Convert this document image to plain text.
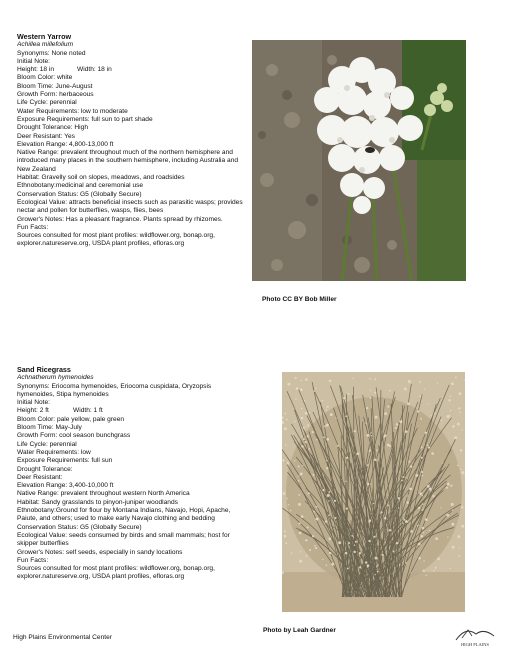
Western Yarrow
Achillea millefolium
Synonyms: None noted
Initial Note:
Height: 18 in	Width: 18 in
Bloom Color: white
Bloom Time: June-August
Growth Form: herbaceous
Life Cycle: perennial
Water Requirements: low to moderate
Exposure Requirements: full sun to part shade
Drought Tolerance: High
Deer Resistant: Yes
Elevation Range: 4,800-13,000 ft
Native Range: prevalent throughout much of the northern hemisphere and introduced many places in the southern hemisphere, including Australia and New Zealand
Habitat: Gravelly soil on slopes, meadows, and roadsides
Ethnobotany:medicinal and ceremonial use
Conservation Status: G5 (Globally Secure)
Ecological Value: attracts beneficial insects such as parasitic wasps; provides nectar and pollen for butterflies, wasps, flies, bees
Grower's Notes: Has a pleasant fragrance. Plants spread by rhizomes.
Fun Facts:
Sources consulted for most plant profiles: wildflower.org, bonap.org, explorer.natureserve.org, USDA plant profiles, efloras.org
Photo CC BY Bob Miller
Sand Ricegrass
Achnatherum hymenoides
Synonyms: Eriocoma hymenoides, Eriocoma cuspidata, Oryzopsis hymenoides, Stipa hymenoides
Initial Note:
Height: 2 ft	Width: 1 ft
Bloom Color: pale yellow, pale green
Bloom Time: May-July
Growth Form: cool season bunchgrass
Life Cycle: perennial
Water Requirements: low
Exposure Requirements: full sun
Drought Tolerance:
Deer Resistant:
Elevation Range: 3,400-10,000 ft
Native Range: prevalent throughout western North America
Habitat: Sandy grasslands to pinyon-juniper woodlands
Ethnobotany:Ground for flour by Montana Indians, Navajo, Hopi, Apache, Paiute, and others; used to make early Navajo clothing and bedding
Conservation Status: G5 (Globally Secure)
Ecological Value: seeds consumed by birds and small mammals; host for skipper butterflies
Grower's Notes: self seeds, especially in sandy locations
Fun Facts:
Sources consulted for most plant profiles: wildflower.org, bonap.org, explorer.natureserve.org, USDA plant profiles, efloras.org
Photo by Leah Gardner
High Plains Environmental Center
HIGH PLAINS
